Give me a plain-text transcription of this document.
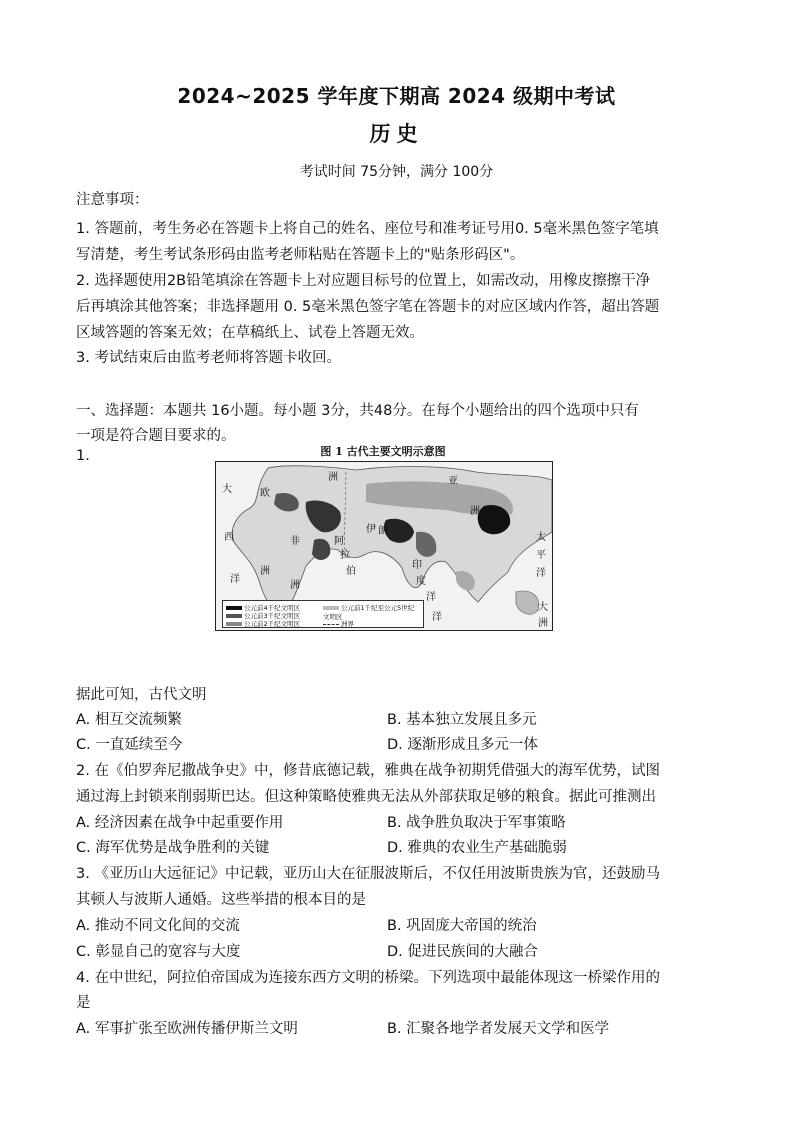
2024~2025 学年度下期高 2024 级期中考试
历史
考试时间 75分钟，满分 100分
注意事项：
1. 答题前，考生务必在答题卡上将自己的姓名、座位号和准考证号用0. 5毫米黑色签字笔填
写清楚，考生考试条形码由监考老师粘贴在答题卡上的"贴条形码区"。
2. 选择题使用2B铅笔填涂在答题卡上对应题目标号的位置上，如需改动，用橡皮擦擦干净
后再填涂其他答案；非选择题用 0. 5毫米黑色签字笔在答题卡的对应区域内作答，超出答题
区域答题的答案无效；在草稿纸上、试卷上答题无效。
3. 考试结束后由监考老师将答题卡收回。
一、选择题：本题共 16小题。每小题 3分，共48分。在每个小题给出的四个选项中只有
一项是符合题目要求的。
1.	图 1 古代主要文明示意图
大
西
洋
洲
非
洲
欧
伊 朗
阿
拉
伯
印
度
洋
亚
洋
太
平
洋
洲
大
洲
洲
公元前4千纪文明区
公元前3千纪文明区
公元前2千纪文明区
公元前1千纪至公元5世纪文明区
洲界
据此可知，古代文明
A. 相互交流频繁	B. 基本独立发展且多元
C. 一直延续至今	D. 逐渐形成且多元一体
2. 在《伯罗奔尼撒战争史》中，修昔底德记载，雅典在战争初期凭借强大的海军优势，试图
通过海上封锁来削弱斯巴达。但这种策略使雅典无法从外部获取足够的粮食。据此可推测出
A. 经济因素在战争中起重要作用	B. 战争胜负取决于军事策略
C. 海军优势是战争胜利的关键	D. 雅典的农业生产基础脆弱
3. 《亚历山大远征记》中记载，亚历山大在征服波斯后，不仅任用波斯贵族为官，还鼓励马
其顿人与波斯人通婚。这些举措的根本目的是
A. 推动不同文化间的交流	B. 巩固庞大帝国的统治
C. 彰显自己的宽容与大度	D. 促进民族间的大融合
4. 在中世纪，阿拉伯帝国成为连接东西方文明的桥梁。下列选项中最能体现这一桥梁作用的
是
A. 军事扩张至欧洲传播伊斯兰文明	B. 汇聚各地学者发展天文学和医学
